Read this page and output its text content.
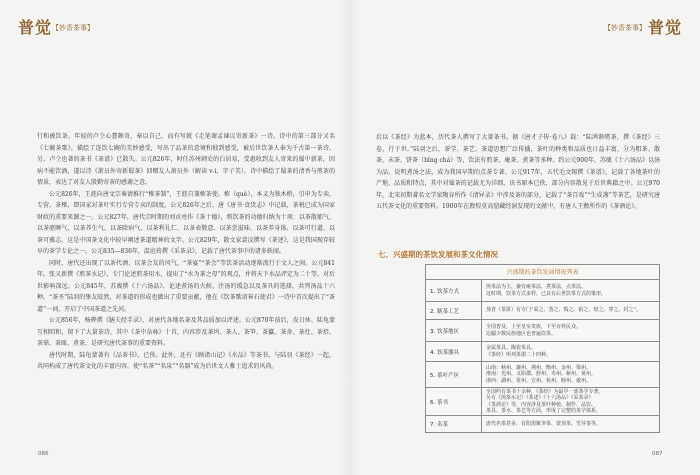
普觉 【妙香茶事】	【妙香茶事】 普觉

行和被饮茶。年轻的卢仝心慧颇奇，奉以自己，而有写就《走笔谢孟谏议寄新茶》一诗。诗中的第三部分又名《七碗茶歌》，描绘了连饮七碗的美妙感受，写出了品茶的意境和独到感受，被后世饮茶人奉为千古第一茶诗。另，卢仝也著的茶书《茶谱》已散失。公元826年，时任苏州刺史的白居易，受惠收到友人寄来的蜀中新茶，因病不能饮酒，遂以诗《萧员外寄新蜀茶》回赠友人萧员外（解读 v-i，字子美），诗中描绘了蜀茶的清香与煎茶的情景，表达了对友人殷勤寄茶的感谢之意。

公元826年，王涯向唐文宗奏请推行“榷茶制”，王涯自兼榷茶使。榷（què），本义为独木桥，引申为专卖、专营。茶榷，即国家对茶叶实行专营专卖的制度。公元826年之后，唐《唐书·食货志》中记载，茶税已成为国家财政的重要来源之一。公元827年，唐代宗时期的刘贞亮作《茶十德》，将饮茶的功德归纳为十项：以茶散郁气、以茶驱睡气、以茶养生气、以茶除病气、以茶利礼仁、以茶表敬意、以茶尝滋味、以茶养身体、以茶可行道、以茶可雅志，这是中国茶文化中较早阐述茶道精神的文字。公元829年，散文家裴汶撰写《茶述》，这是我国现存较早的茶学专论之一。公元835—836年，温庭筠撰《采茶录》，记载了唐代茶事中的诸多轶闻。

同时，唐代还出现了以茶代酒、以茶会友的风气，“茶宴”“茶会”等饮茶活动逐渐流行于文人之间。公元841年，张又新撰《煎茶水记》，专门论述煎茶用水，提出了“水为茶之母”的观点，并将天下水品评定为二十等，对后世影响深远。公元845年，苏廙撰《十六汤品》，论述煮汤的火候、注汤的缓急以及茶具的选择，共列汤品十六种。“茶圣”陆羽的挚友皎然，对茶道的形成也做出了重要贡献，他在《饮茶歌诮崔石使君》一诗中首次提出了“茶道”一词，开启了中国茶道之先河。

公元856年，杨晔撰《膳夫经手录》，对唐代各地名茶及其品质加以评述。公元870年前后，皮日休、陆龟蒙互相唱和，留下了大量茶诗，其中《茶中杂咏》十首，内容涉及茶坞、茶人、茶笋、茶籯、茶舍、茶灶、茶焙、茶鼎、茶瓯、煮茶，是研究唐代茶事的重要资料。

唐代时期，陆龟蒙著有《品茶书》，已佚。此外，还有《顾渚山记》《水品》等茶书，与陆羽《茶经》一起，共同构成了唐代茶文化的丰富内容，使“名茶”“名泉”“名器”成为后世文人雅士追求的风尚。

086

后以《茶经》为蓝本，历代茶人撰写了大量茶书。据《唐才子传·卷八》载：“陆鸿渐嗜茶，撰《茶经》三卷，行于世。”陆羽之后，茶学、茶艺、茶道思想广泛传播，茶叶的种类和品质也日益丰富，分为粗茶、散茶、末茶、饼茶（bǐng chá）等，饮法有煎茶、庵茶、煮茶等多种。约公元900年，苏廙《十六汤品》以汤为品，说明煮汤之法，成为我国早期的点茶专著。公元917年，五代毛文锡撰《茶谱》，记载了各地茶叶的产地、品质和特点，其中对蜀茶的记载尤为详细，该书原本已佚，部分内容散见于后世典籍之中。公元970年，北宋初期著名文学家陶谷所作《清异录》中涉及茶的部分，记载了“茶百戏”“生成盏”等茶艺，是研究唐五代茶文化的重要资料。1900年在敦煌莫高窟藏经洞发现的文献中，有唐人王敷所作的《茶酒论》。

七、兴盛期的茶饮发展和茶文化情况
兴盛期的茶饮发展情况列表
1. 饮茶方式
煎茶法为主，兼有庵茶法、煮茶法、点茶法。
这时期，饮茶方式多样，已具有后世饮茶方式的雏形。
2. 制茶工艺	蒸青（茶饼）有专门“采之、蒸之、捣之、拍之、焙之、穿之、封之”。
3. 饮茶地区
全国普及，上至皇室贵族，下至百姓民众。
边疆少数民族地区也普遍饮茶。
4. 饮茶器具
金属茶具、陶瓷茶具。
《茶经》所列茶器二十四种。
5. 茶叶产区
山南：峡州、襄州、荆州、衡州、金州、梁州。
淮南：光州、义阳郡、舒州、寿州、蕲州、黄州。
浙西：湖州、常州、宣州、杭州、睦州、歙州。
6. 茶书
全国约有茶书十余种，《茶经》为最早一部茶学专著，
另有《煎茶水记》《茶述》《十六汤品》《采茶录》
《茶酒论》等，内容涉及茶叶种植、制作、品饮、
茶具、茶水、茶艺等方面，形成了完整的茶学体系。
7. 名茶	唐代名茶甚多，有阳羡紫笋茶、蒙顶茶、雪芽茶等。
087
